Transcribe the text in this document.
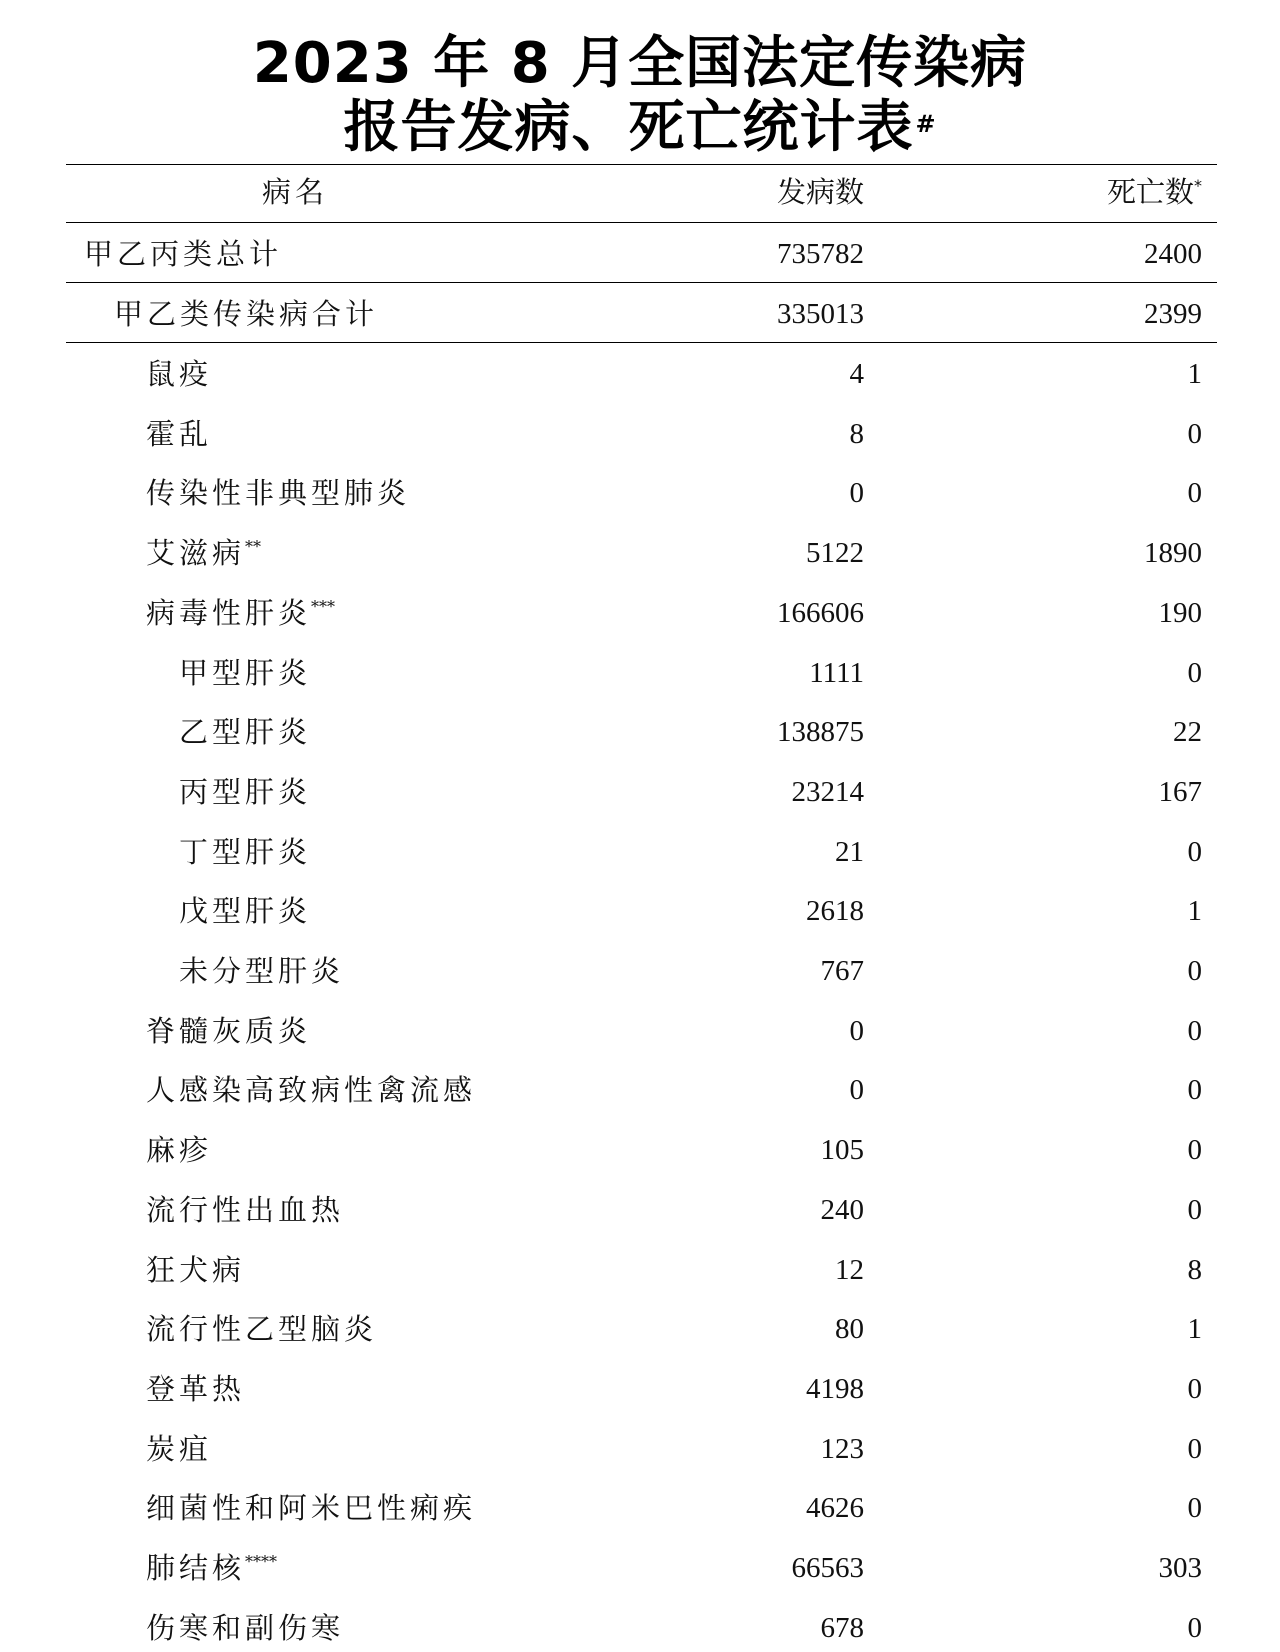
2023 年 8 月全国法定传染病
报告发病、死亡统计表#
病名	发病数	死亡数*
甲乙丙类总计	735782	2400
甲乙类传染病合计	335013	2399
鼠疫	4	1
霍乱	8	0
传染性非典型肺炎	0	0
艾滋病**	5122	1890
病毒性肝炎***	166606	190
甲型肝炎	1111	0
乙型肝炎	138875	22
丙型肝炎	23214	167
丁型肝炎	21	0
戊型肝炎	2618	1
未分型肝炎	767	0
脊髓灰质炎	0	0
人感染高致病性禽流感	0	0
麻疹	105	0
流行性出血热	240	0
狂犬病	12	8
流行性乙型脑炎	80	1
登革热	4198	0
炭疽	123	0
细菌性和阿米巴性痢疾	4626	0
肺结核****	66563	303
伤寒和副伤寒	678	0
